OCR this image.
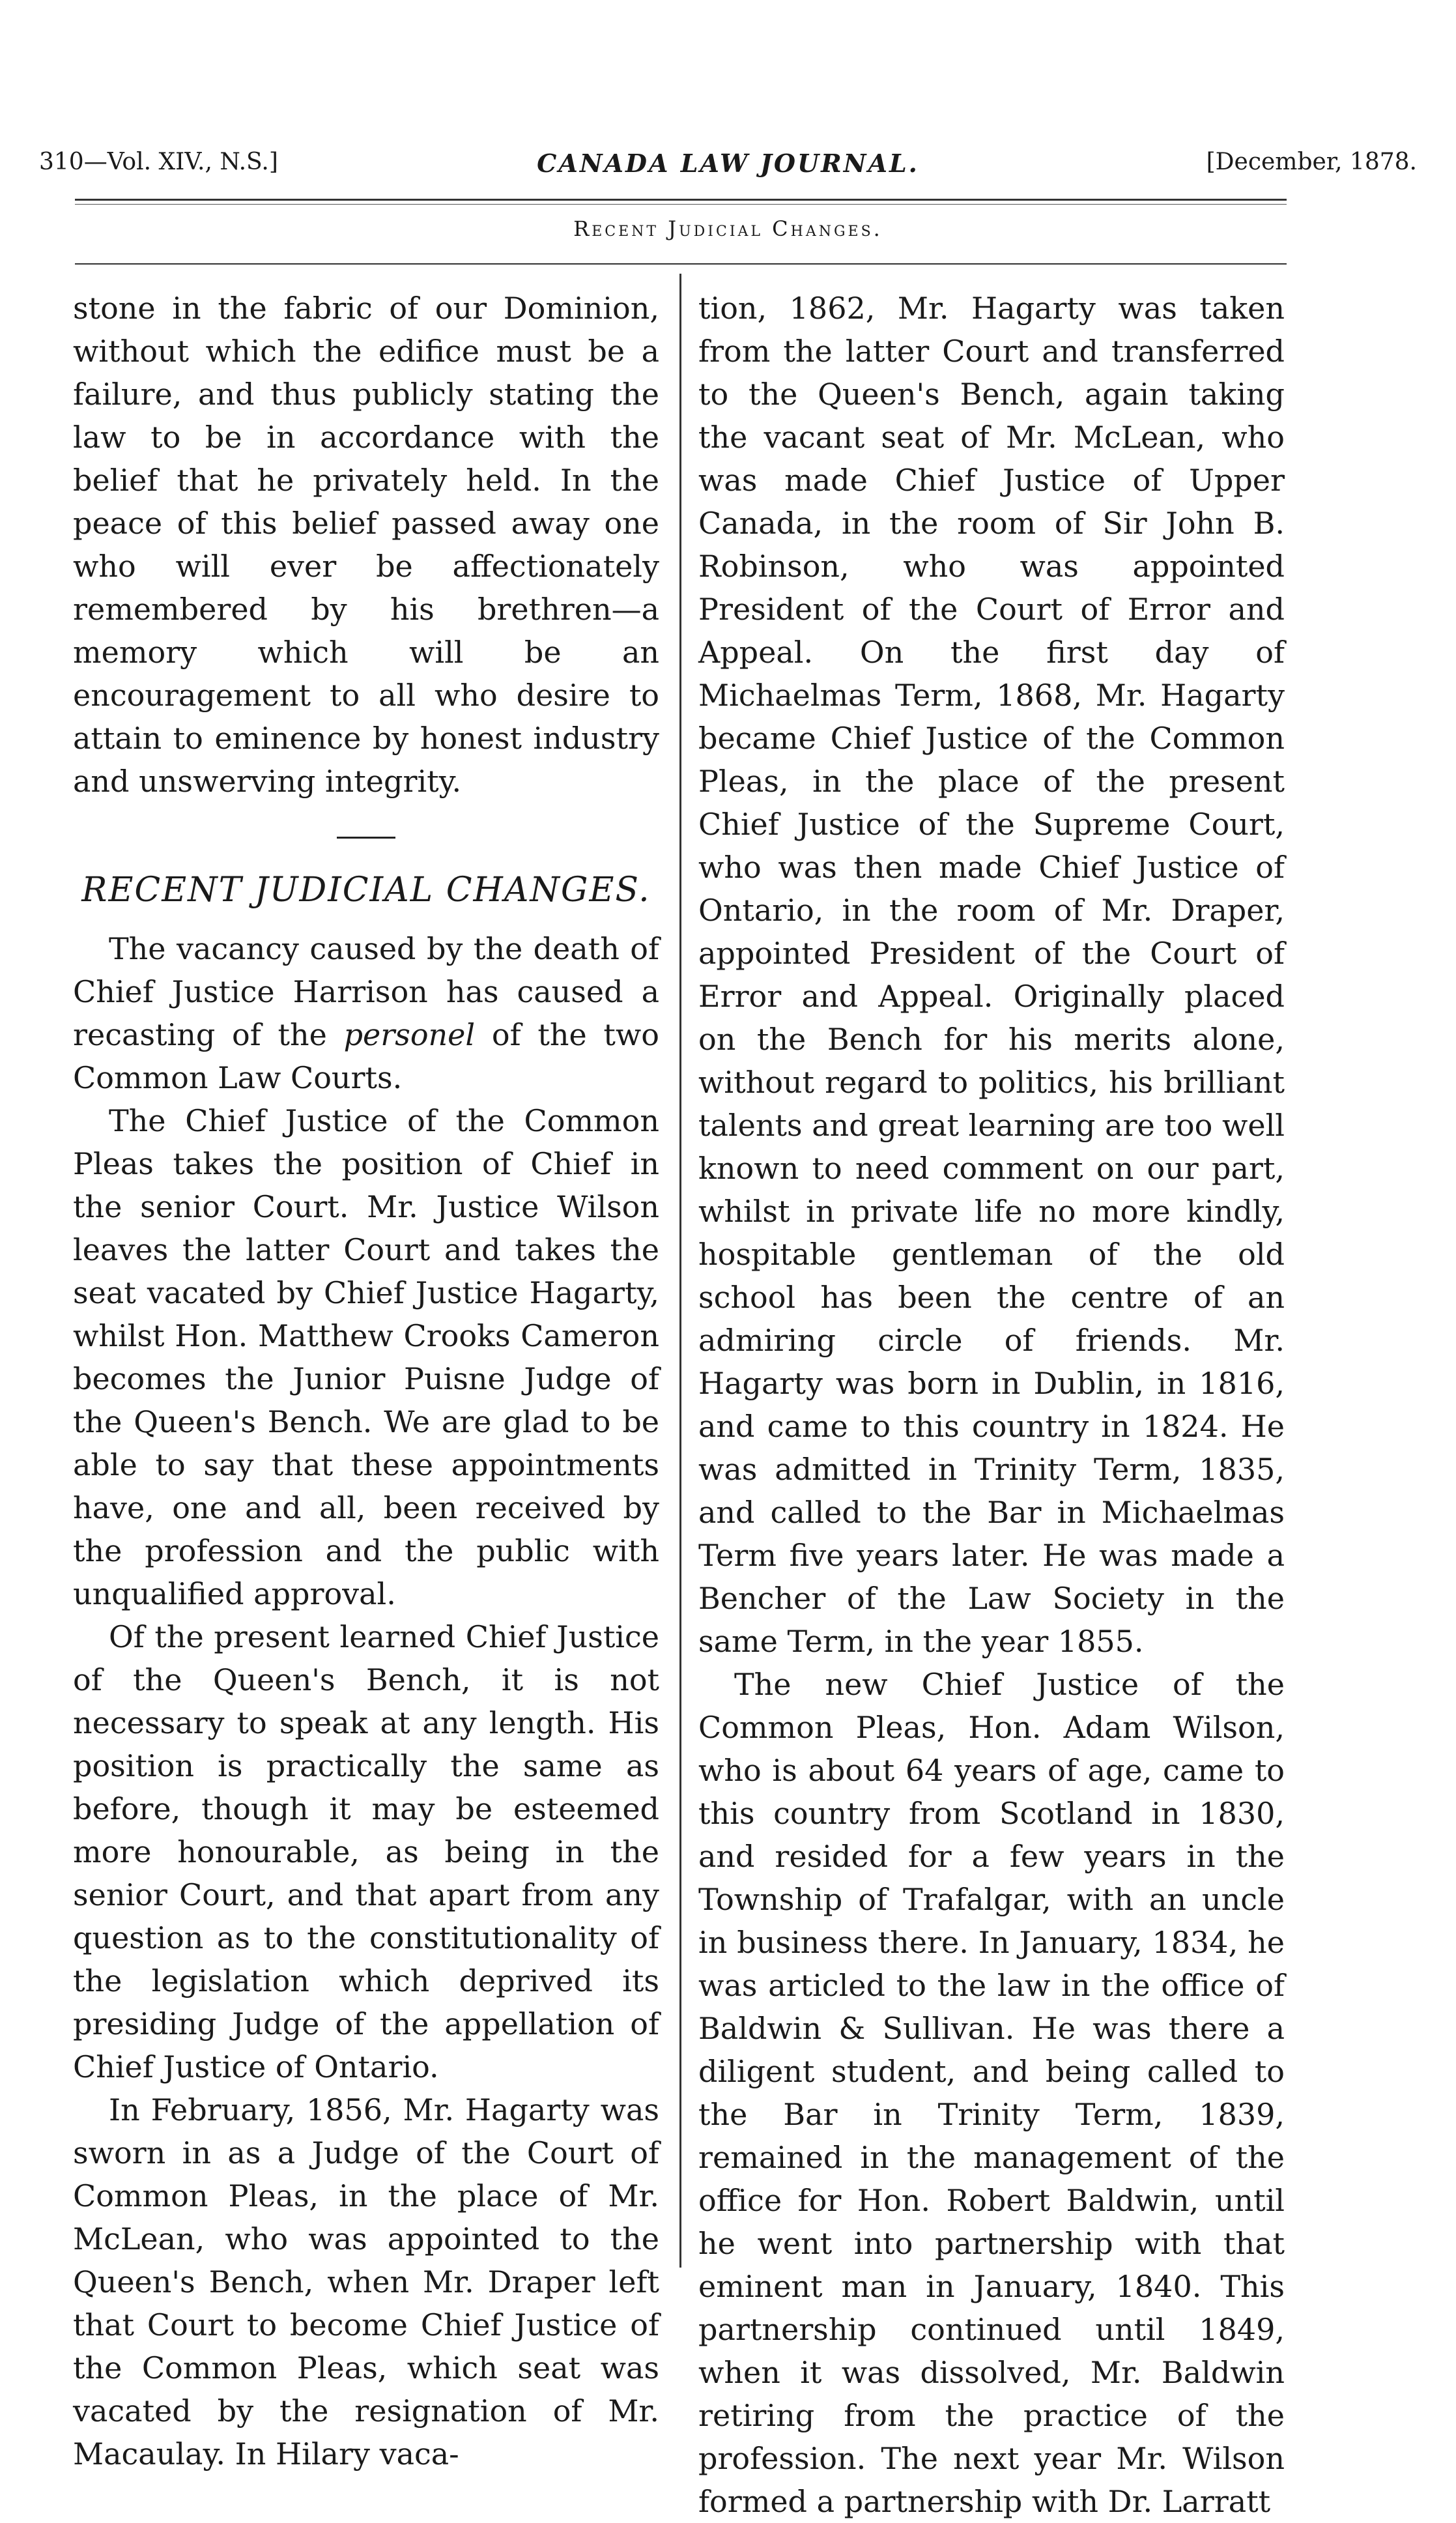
310—Vol. XIV., N.S.]	CANADA LAW JOURNAL.	[December, 1878.
Recent Judicial Changes.

stone in the fabric of our Dominion, without which the edifice must be a failure, and thus publicly stating the law to be in accordance with the belief that he privately held. In the peace of this belief passed away one who will ever be affectionately remembered by his brethren—a memory which will be an encouragement to all who desire to attain to eminence by honest industry and unswerving integrity.

RECENT JUDICIAL CHANGES.

The vacancy caused by the death of Chief Justice Harrison has caused a recasting of the personel of the two Common Law Courts.

The Chief Justice of the Common Pleas takes the position of Chief in the senior Court. Mr. Justice Wilson leaves the latter Court and takes the seat vacated by Chief Justice Hagarty, whilst Hon. Matthew Crooks Cameron becomes the Junior Puisne Judge of the Queen's Bench. We are glad to be able to say that these appointments have, one and all, been received by the profession and the public with unqualified approval.

Of the present learned Chief Justice of the Queen's Bench, it is not necessary to speak at any length. His position is practically the same as before, though it may be esteemed more honourable, as being in the senior Court, and that apart from any question as to the constitutionality of the legislation which deprived its presiding Judge of the appellation of Chief Justice of Ontario.

In February, 1856, Mr. Hagarty was sworn in as a Judge of the Court of Common Pleas, in the place of Mr. McLean, who was appointed to the Queen's Bench, when Mr. Draper left that Court to become Chief Justice of the Common Pleas, which seat was vacated by the resignation of Mr. Macaulay. In Hilary vaca-

tion, 1862, Mr. Hagarty was taken from the latter Court and transferred to the Queen's Bench, again taking the vacant seat of Mr. McLean, who was made Chief Justice of Upper Canada, in the room of Sir John B. Robinson, who was appointed President of the Court of Error and Appeal. On the first day of Michaelmas Term, 1868, Mr. Hagarty became Chief Justice of the Common Pleas, in the place of the present Chief Justice of the Supreme Court, who was then made Chief Justice of Ontario, in the room of Mr. Draper, appointed President of the Court of Error and Appeal. Originally placed on the Bench for his merits alone, without regard to politics, his brilliant talents and great learning are too well known to need comment on our part, whilst in private life no more kindly, hospitable gentleman of the old school has been the centre of an admiring circle of friends. Mr. Hagarty was born in Dublin, in 1816, and came to this country in 1824. He was admitted in Trinity Term, 1835, and called to the Bar in Michaelmas Term five years later. He was made a Bencher of the Law Society in the same Term, in the year 1855.

The new Chief Justice of the Common Pleas, Hon. Adam Wilson, who is about 64 years of age, came to this country from Scotland in 1830, and resided for a few years in the Township of Trafalgar, with an uncle in business there. In January, 1834, he was articled to the law in the office of Baldwin & Sullivan. He was there a diligent student, and being called to the Bar in Trinity Term, 1839, remained in the management of the office for Hon. Robert Baldwin, until he went into partnership with that eminent man in January, 1840. This partnership continued until 1849, when it was dissolved, Mr. Baldwin retiring from the practice of the profession. The next year Mr. Wilson formed a partnership with Dr. Larratt
